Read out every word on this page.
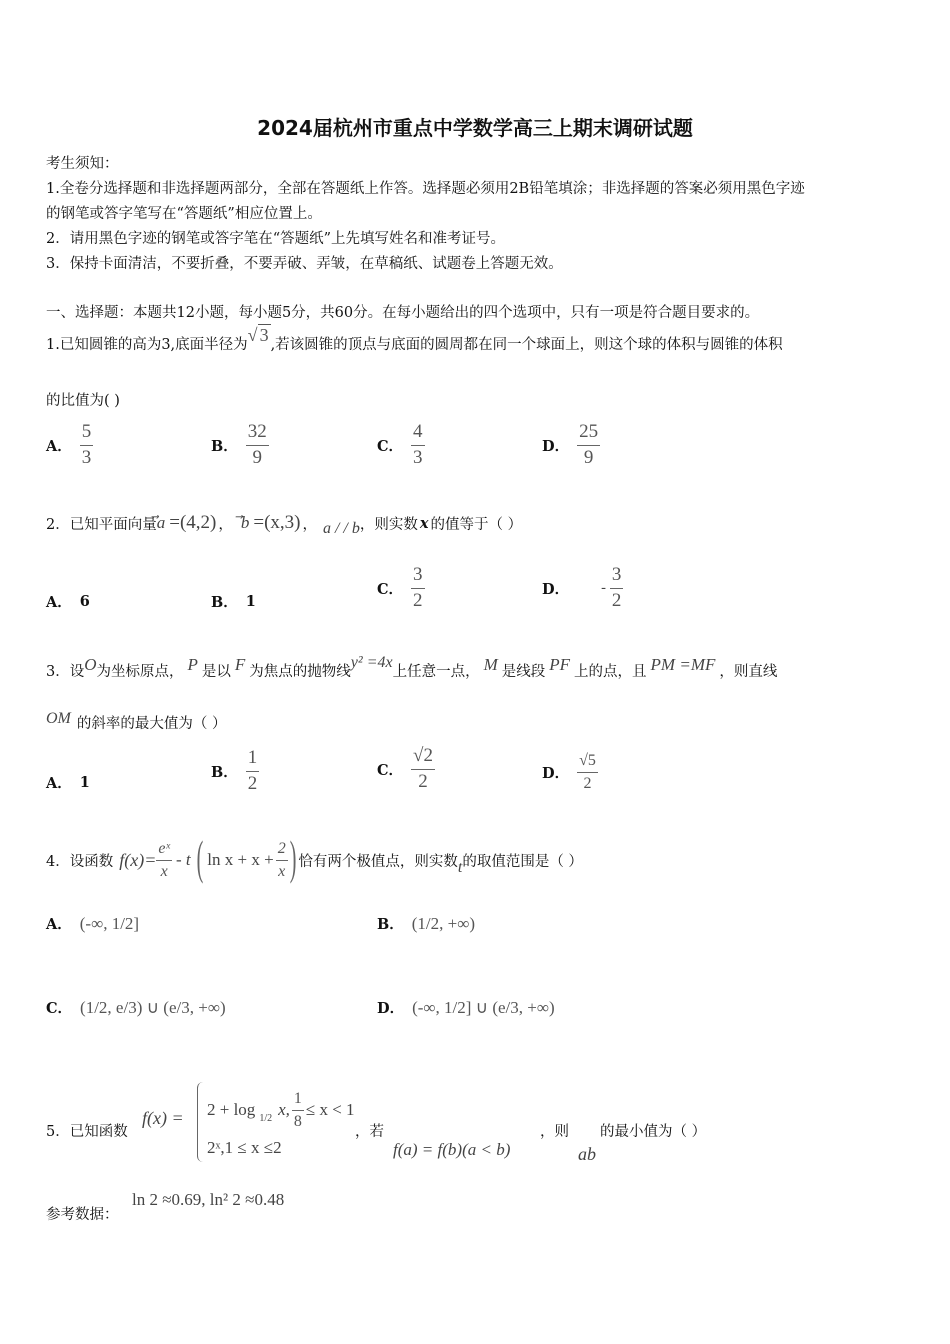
2024届杭州市重点中学数学高三上期末调研试题
考生须知：
1.全卷分选择题和非选择题两部分，全部在答题纸上作答。选择题必须用2B铅笔填涂；非选择题的答案必须用黑色字迹
的钢笔或答字笔写在“答题纸”相应位置上。
2．请用黑色字迹的钢笔或答字笔在“答题纸”上先填写姓名和准考证号。
3．保持卡面清洁，不要折叠，不要弄破、弄皱，在草稿纸、试题卷上答题无效。
一、选择题：本题共12小题，每小题5分，共60分。在每小题给出的四个选项中，只有一项是符合题目要求的。
1.已知圆锥的高为3,底面半径为 √ 3 ,若该圆锥的顶点与底面的圆周都在同一个球面上，则这个球的体积与圆锥的体积
的比值为( )
A． $\frac{5}{3}$	B． $\frac{32}{9}$	C． $\frac{4}{3}$	D． $\frac{25}{9}$
2．已知平面向量 a =(4,2) ， b =(x,3) ， a / / b ，则实数 x 的值等于（ ）
A． 6	B． 1
C． $\frac{3}{2}$	D． - $\frac{3}{2}$
3．设 O 为坐标原点， P 是以 F 为焦点的抛物线
y² =4x
上任意一点， M 是线段 PF 上的点，且 PM =MF ，则直线
OM 的斜率的最大值为（ ）
A． 1
B． $\frac{1}{2}$	C． $\frac{√2}{2}$	D． $\frac{√5}{2}$
4．设函数 $f(x)= \frac{\text{eˣ}}{x} - t$ ( $\ln x + x + \frac{2}{x}$ ) 恰有两个极值点，则实数 t 的取值范围是（ ）
A． (-∞, 1/2]	B． (1/2, +∞)
C． (1/2, e/3) ∪ (e/3, +∞)	D． (-∞, 1/2] ∪ (e/3, +∞)
5．已知函数
f(x) = 2 + log 1/2 x, $\frac{1}{8} \le x < 1$
2ˣ,1 ≤ x ≤2
，若
f(a) = f(b)(a < b)
，则
ab
的最小值为（ ）
参考数据：
ln 2 ≈0.69, ln² 2 ≈0.48
